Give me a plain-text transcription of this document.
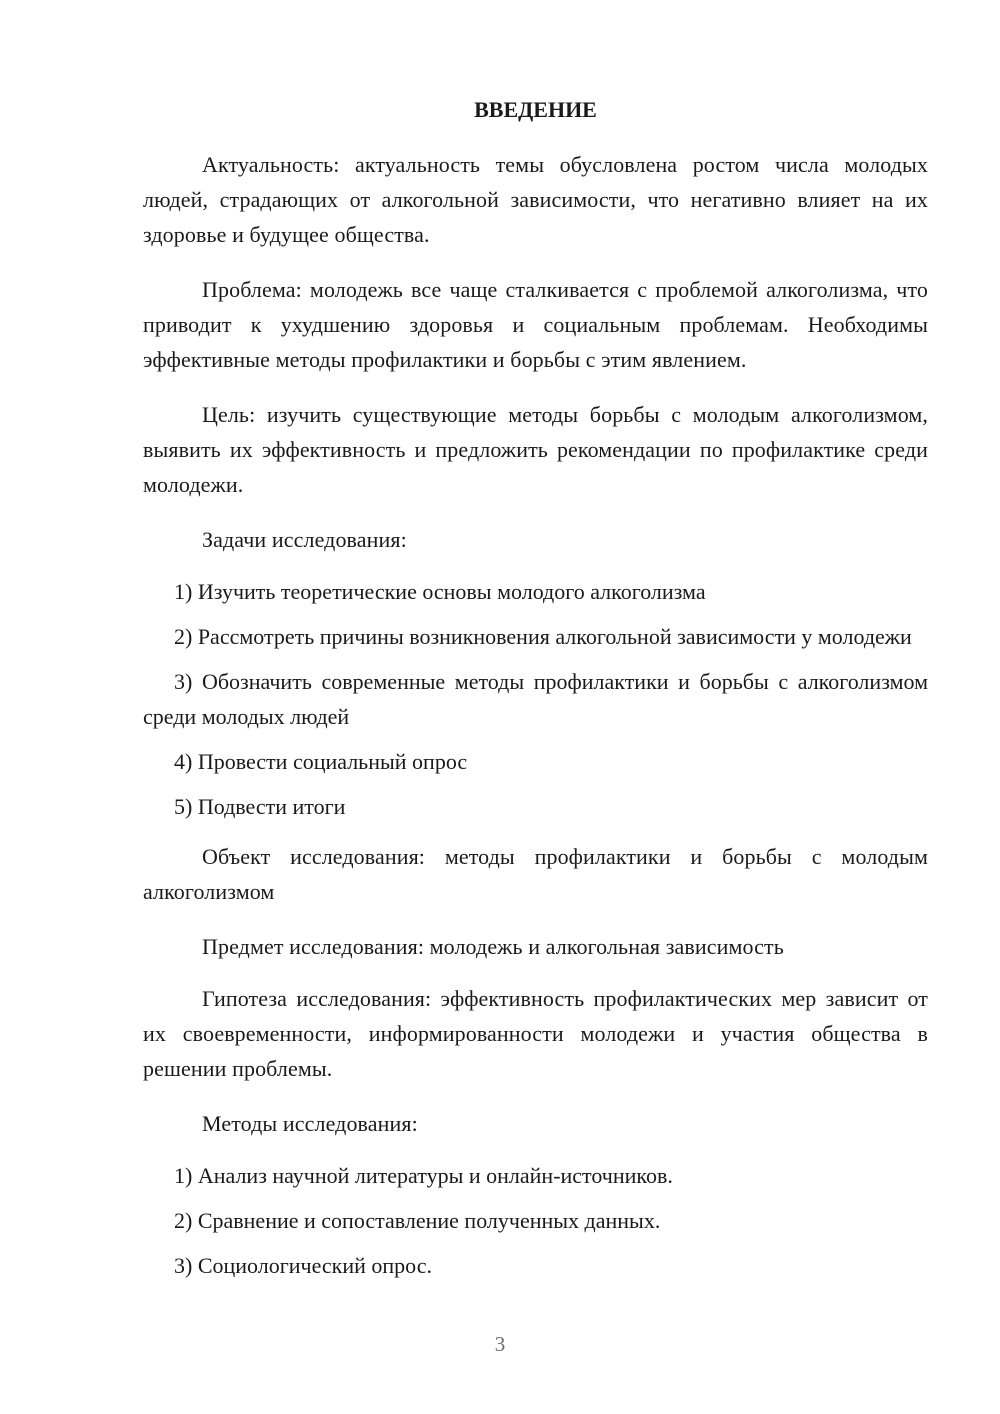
ВВЕДЕНИЕ

Актуальность: актуальность темы обусловлена ростом числа молодых людей, страдающих от алкогольной зависимости, что негативно влияет на их здоровье и будущее общества.

Проблема: молодежь все чаще сталкивается с проблемой алкоголизма, что приводит к ухудшению здоровья и социальным проблемам. Необходимы эффективные методы профилактики и борьбы с этим явлением.

Цель: изучить существующие методы борьбы с молодым алкоголизмом, выявить их эффективность и предложить рекомендации по профилактике среди молодежи.

Задачи исследования:

1) Изучить теоретические основы молодого алкоголизма

2) Рассмотреть причины возникновения алкогольной зависимости у молодежи

3) Обозначить современные методы профилактики и борьбы с алкоголизмом среди молодых людей

4) Провести социальный опрос

5) Подвести итоги

Объект исследования: методы профилактики и борьбы с молодым алкоголизмом

Предмет исследования: молодежь и алкогольная зависимость

Гипотеза исследования: эффективность профилактических мер зависит от их своевременности, информированности молодежи и участия общества в решении проблемы.

Методы исследования:

1) Анализ научной литературы и онлайн-источников.

2) Сравнение и сопоставление полученных данных.

3) Социологический опрос.

3
